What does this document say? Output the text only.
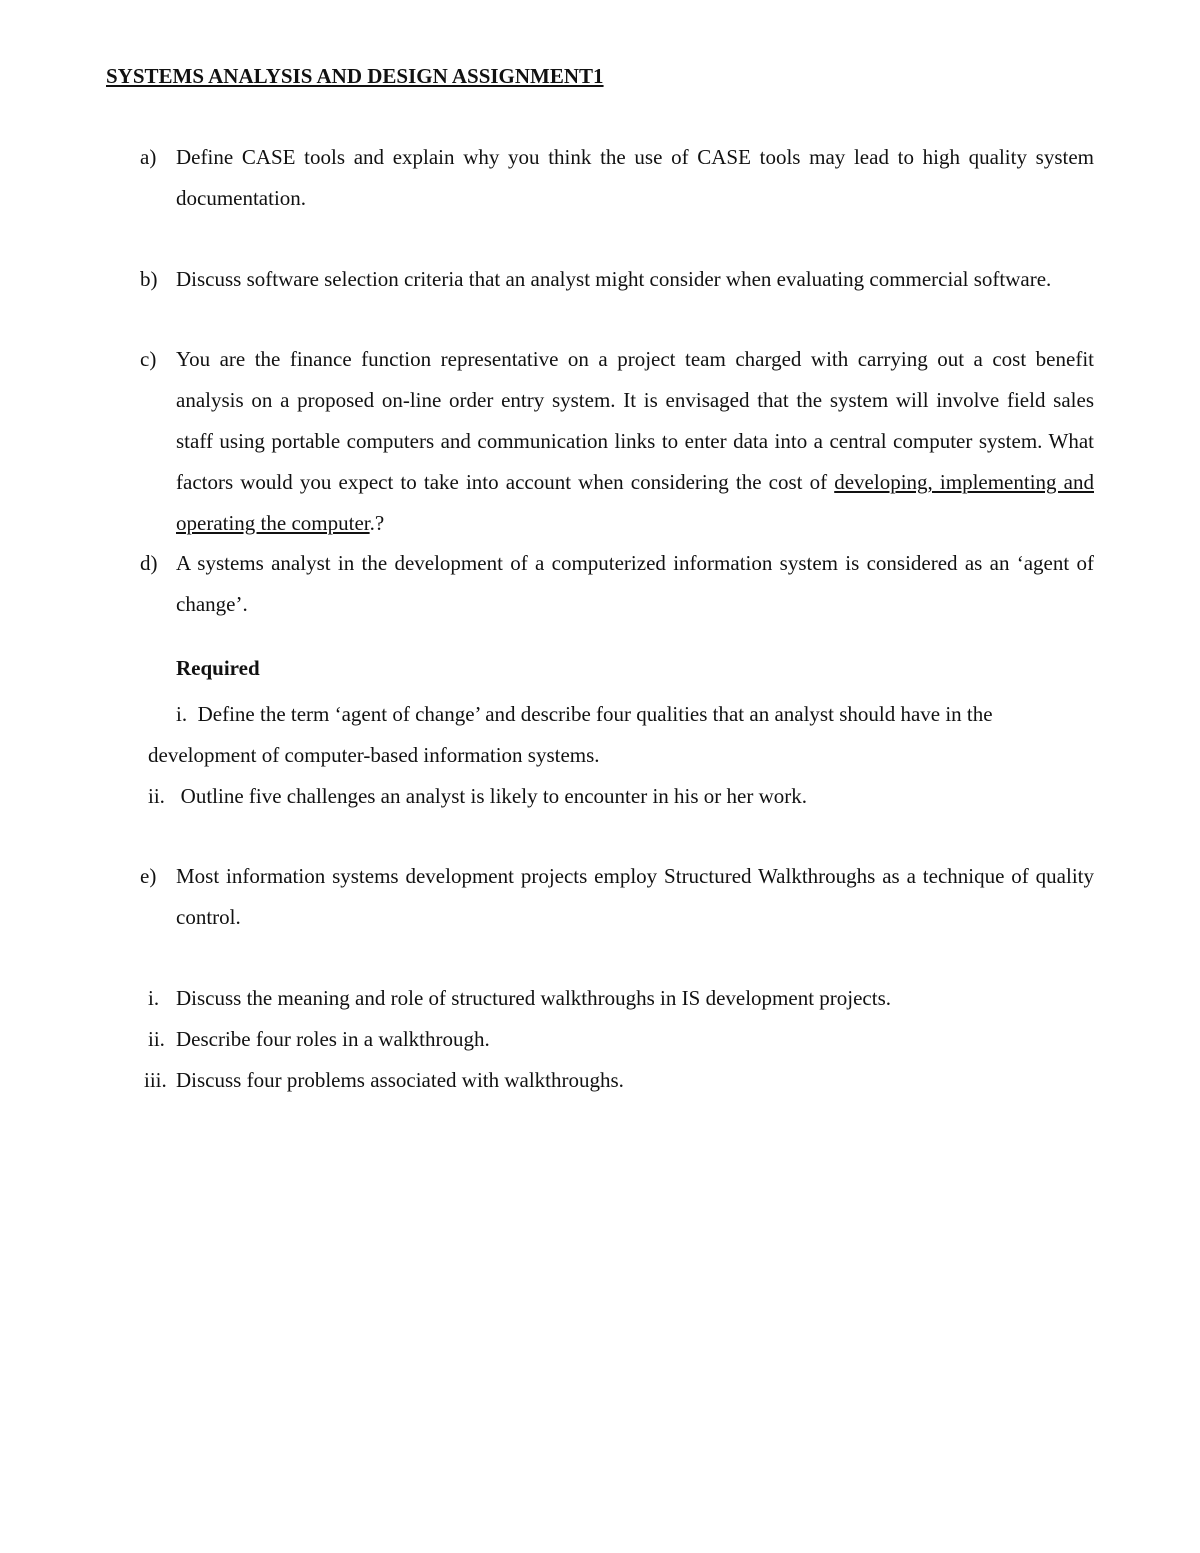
SYSTEMS ANALYSIS AND DESIGN ASSIGNMENT1
a) Define CASE tools and explain why you think the use of CASE tools may lead to high quality system documentation.
b) Discuss software selection criteria that an analyst might consider when evaluating commercial software.
c) You are the finance function representative on a project team charged with carrying out a cost benefit analysis on a proposed on-line order entry system. It is envisaged that the system will involve field sales staff using portable computers and communication links to enter data into a central computer system. What factors would you expect to take into account when considering the cost of developing, implementing and operating the computer.?
d) A systems analyst in the development of a computerized information system is considered as an ‘agent of change’.
Required
i. Define the term ‘agent of change’ and describe four qualities that an analyst should have in the
development of computer-based information systems.
ii. Outline five challenges an analyst is likely to encounter in his or her work.
e) Most information systems development projects employ Structured Walkthroughs as a technique of quality control.
i. Discuss the meaning and role of structured walkthroughs in IS development projects.
ii. Describe four roles in a walkthrough.
iii. Discuss four problems associated with walkthroughs.
